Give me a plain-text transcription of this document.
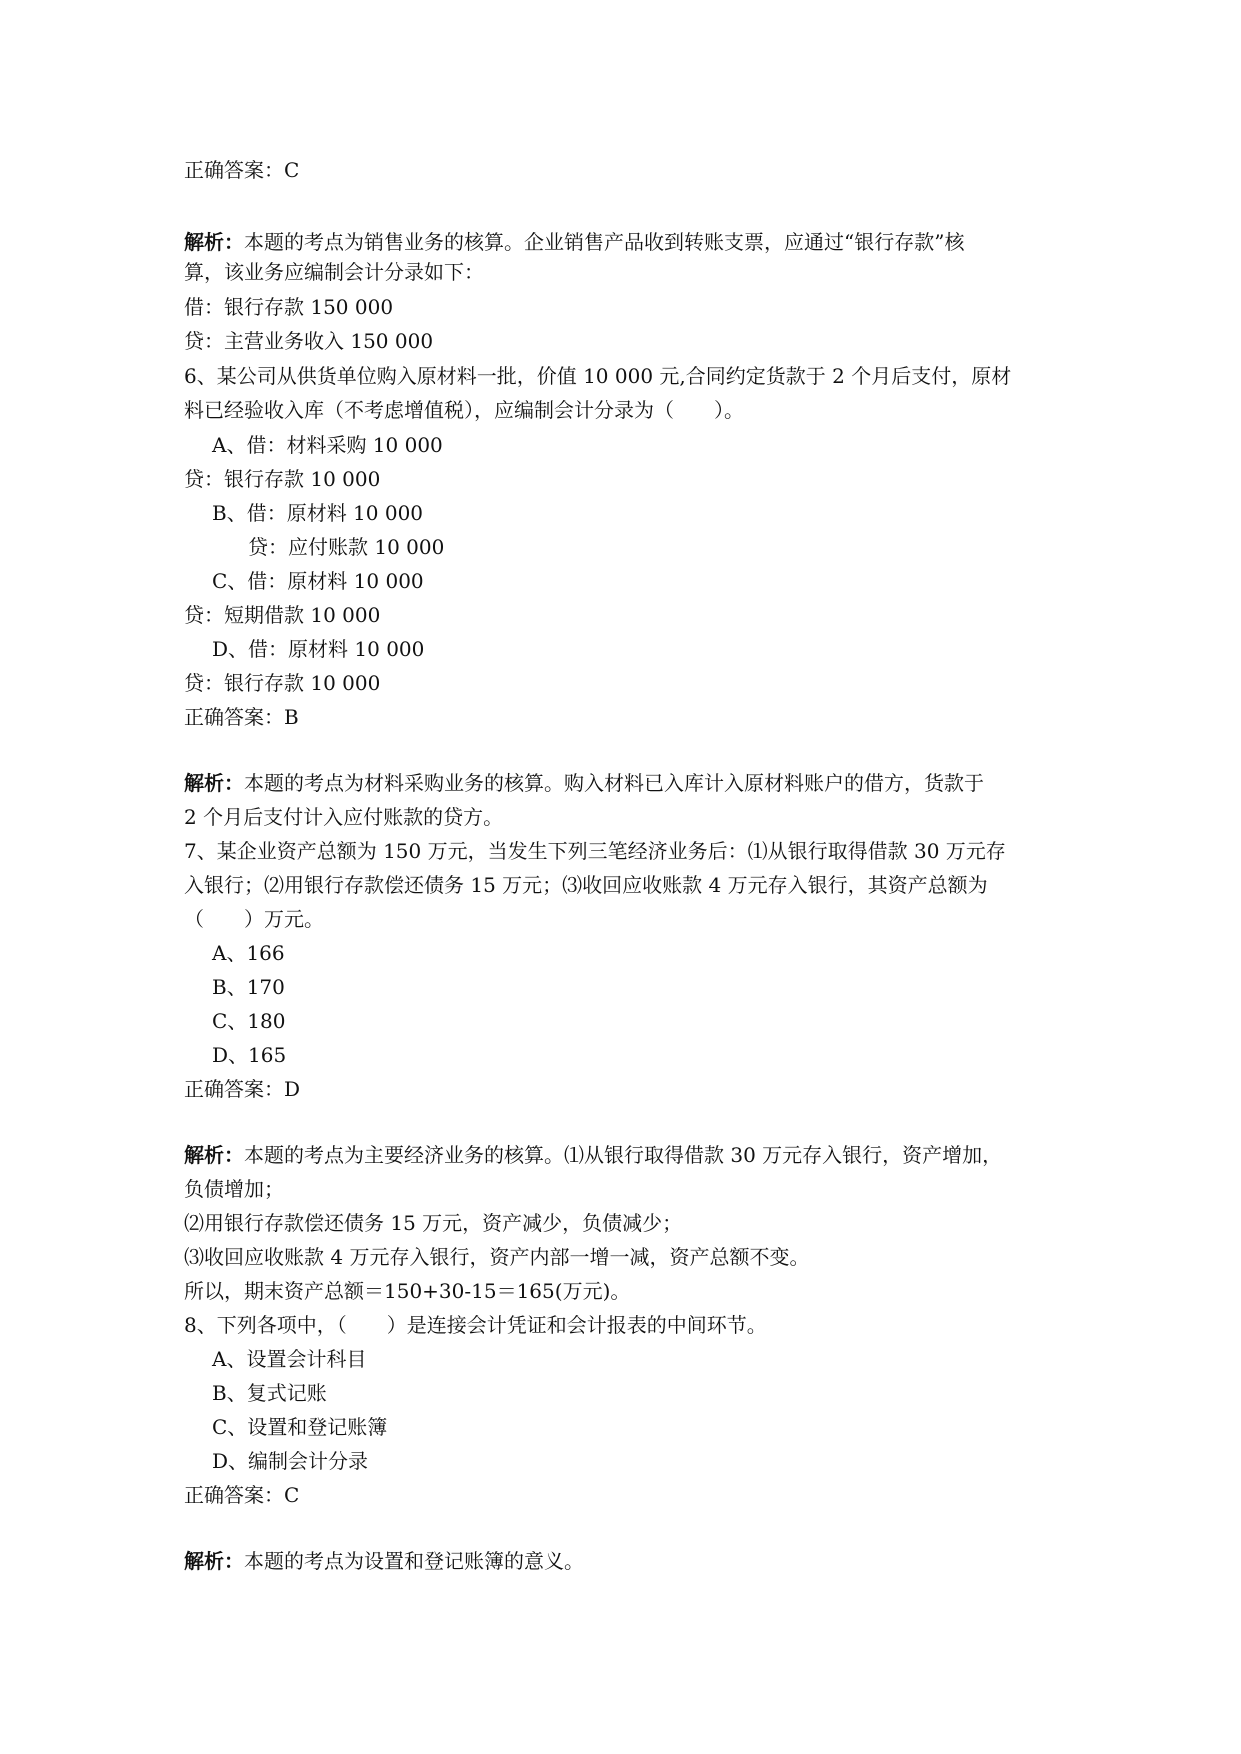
正确答案：C
解析：本题的考点为销售业务的核算。企业销售产品收到转账支票，应通过“银行存款”核
算，该业务应编制会计分录如下：
借：银行存款 150 000
贷：主营业务收入 150 000
6、某公司从供货单位购入原材料一批，价值 10 000 元,合同约定货款于 2 个月后支付，原材
料已经验收入库（不考虑增值税），应编制会计分录为（　　）。
A、借：材料采购 10 000
贷：银行存款 10 000
B、借：原材料 10 000
贷：应付账款 10 000
C、借：原材料 10 000
贷：短期借款 10 000
D、借：原材料 10 000
贷：银行存款 10 000
正确答案：B
解析：本题的考点为材料采购业务的核算。购入材料已入库计入原材料账户的借方，货款于
2 个月后支付计入应付账款的贷方。
7、某企业资产总额为 150 万元，当发生下列三笔经济业务后：⑴从银行取得借款 30 万元存
入银行；⑵用银行存款偿还债务 15 万元；⑶收回应收账款 4 万元存入银行，其资产总额为
（　　）万元。
A、166
B、170
C、180
D、165
正确答案：D
解析：本题的考点为主要经济业务的核算。⑴从银行取得借款 30 万元存入银行，资产增加，
负债增加；
⑵用银行存款偿还债务 15 万元，资产减少，负债减少；
⑶收回应收账款 4 万元存入银行，资产内部一增一减，资产总额不变。
所以，期末资产总额＝150+30-15＝165(万元)。
8、下列各项中，（　　）是连接会计凭证和会计报表的中间环节。
A、设置会计科目
B、复式记账
C、设置和登记账簿
D、编制会计分录
正确答案：C
解析：本题的考点为设置和登记账簿的意义。
